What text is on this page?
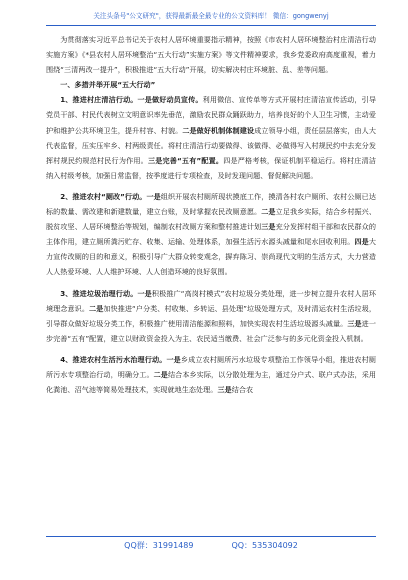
关注头条号"公文研究"，获得最新最全最专业的公文资料库！ 微信：gongwenyj

为贯彻落实习近平总书记关于农村人居环境重要指示精神，按照《市农村人居环境整治村庄清洁行动实施方案》《*县农村人居环境整治“五大行动”实施方案》等文件精神要求，我乡党委政府高度重视，着力围绕“三清两改一提升”，积极推进“五大行动”开展，切实解决村庄环境脏、乱、差等问题。

一、多措并举开展“五大行动”

1、推进村庄清洁行动。一是做好动员宣传。利用微信、宣传单等方式开展村庄清洁宣传活动，引导党员干部、村民代表树立文明意识率先垂范，激励农民群众踊跃助力，培养良好的个人卫生习惯，主动爱护和维护公共环境卫生，提升村容、村貌。二是做好机制体制建设成立领导小组，责任层层落实，由人大代表监督，压实压牢乡、村两级责任。将村庄清洁行动要做得、该做得、必做得写入村规民约中去充分发挥村规民约规范村民行为作用。三是完善“五有”配置。四是严格考核，保证机制平稳运行。将村庄清洁纳入村级考核，加强日常监督，按季度进行专项检查，及时发现问题、督促解决问题。

2、推进农村“厕改”行动。一是组织开展农村厕所现状摸底工作，摸清各村农户厕所、农村公厕已达标的数量、需改建和新建数量，建立台账，及时掌握农民改厕意愿。二是立足我乡实际，结合乡村振兴、脱贫攻坚、人居环境整治等规划，编制农村改厕方案和整村推进计划三是充分发挥村组干部和农民群众的主体作用，建立厕所粪污贮存、收集、运输、处理体系，加强生活污水源头减量和尾水回收利用。四是大力宣传改厕的目的和意义，积极引导广大群众转变观念，摒弃陈习、崇尚现代文明的生活方式，大力营造人人热爱环境、人人维护环境、人人创造环境的良好氛围。

3、推进垃圾治理行动。一是积极推广“高岗村模式”农村垃圾分类处理，进一步树立提升农村人居环境理念意识。二是加快推进“户分类、村收集、乡转运、县处理”垃圾处理方式，及时清运农村生活垃圾，引导群众做好垃圾分类工作，积极推广使用清洁能源和照料，加快实现农村生活垃圾源头减量。三是进一步完善“五有”配置，建立以财政资金投入为主、农民适当缴费、社会广泛参与的多元化资金投入机制。

4、推进农村生活污水治理行动。一是乡成立农村厕所污水垃圾专项整治工作领导小组，推进农村厕所污水专项整治行动，明确分工。二是结合本乡实际，以分散处理为主，通过分户式、联户式办法，采用化粪池、沼气池等简易处理技术，实现就地生态处理。三是结合农

QQ群：31991489	QQ：535304092
